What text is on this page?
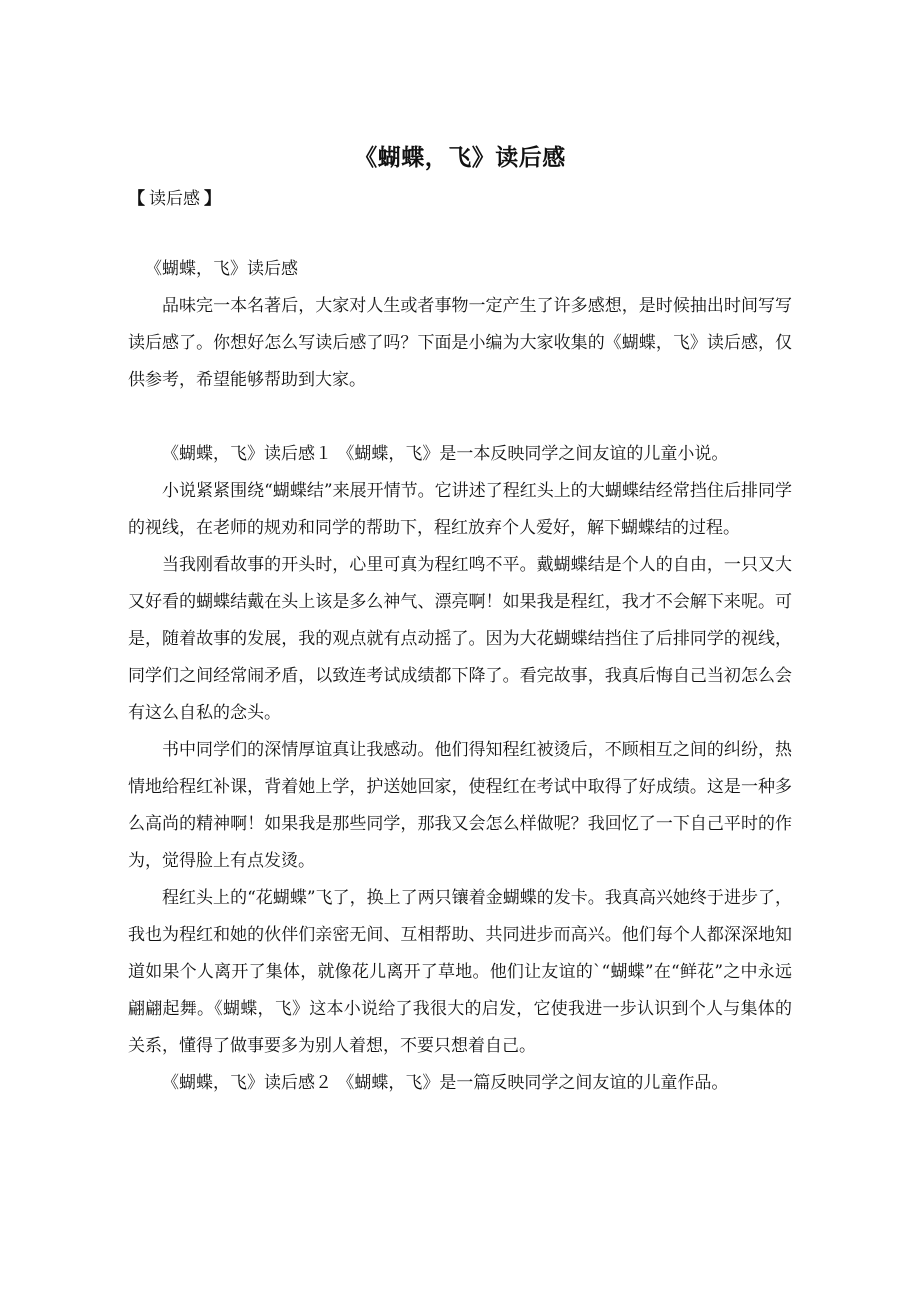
《蝴蝶，飞》读后感
【 读后感 】

《蝴蝶，飞》读后感

品味完一本名著后，大家对人生或者事物一定产生了许多感想，是时候抽出时间写写读后感了。你想好怎么写读后感了吗？下面是小编为大家收集的《蝴蝶，飞》读后感，仅供参考，希望能够帮助到大家。

《蝴蝶，飞》读后感１ 《蝴蝶，飞》是一本反映同学之间友谊的儿童小说。

小说紧紧围绕“蝴蝶结”来展开情节。它讲述了程红头上的大蝴蝶结经常挡住后排同学的视线，在老师的规劝和同学的帮助下，程红放弃个人爱好，解下蝴蝶结的过程。

当我刚看故事的开头时，心里可真为程红鸣不平。戴蝴蝶结是个人的自由，一只又大又好看的蝴蝶结戴在头上该是多么神气、漂亮啊！如果我是程红，我才不会解下来呢。可是，随着故事的发展，我的观点就有点动摇了。因为大花蝴蝶结挡住了后排同学的视线，同学们之间经常闹矛盾，以致连考试成绩都下降了。看完故事，我真后悔自己当初怎么会有这么自私的念头。

书中同学们的深情厚谊真让我感动。他们得知程红被烫后，不顾相互之间的纠纷，热情地给程红补课，背着她上学，护送她回家，使程红在考试中取得了好成绩。这是一种多么高尚的精神啊！如果我是那些同学，那我又会怎么样做呢？我回忆了一下自己平时的作为，觉得脸上有点发烫。

程红头上的“花蝴蝶”飞了，换上了两只镶着金蝴蝶的发卡。我真高兴她终于进步了，我也为程红和她的伙伴们亲密无间、互相帮助、共同进步而高兴。他们每个人都深深地知道如果个人离开了集体，就像花儿离开了草地。他们让友谊的`“蝴蝶”在“鲜花”之中永远翩翩起舞。《蝴蝶，飞》这本小说给了我很大的启发，它使我进一步认识到个人与集体的关系，懂得了做事要多为别人着想，不要只想着自己。

《蝴蝶，飞》读后感２ 《蝴蝶，飞》是一篇反映同学之间友谊的儿童作品。
